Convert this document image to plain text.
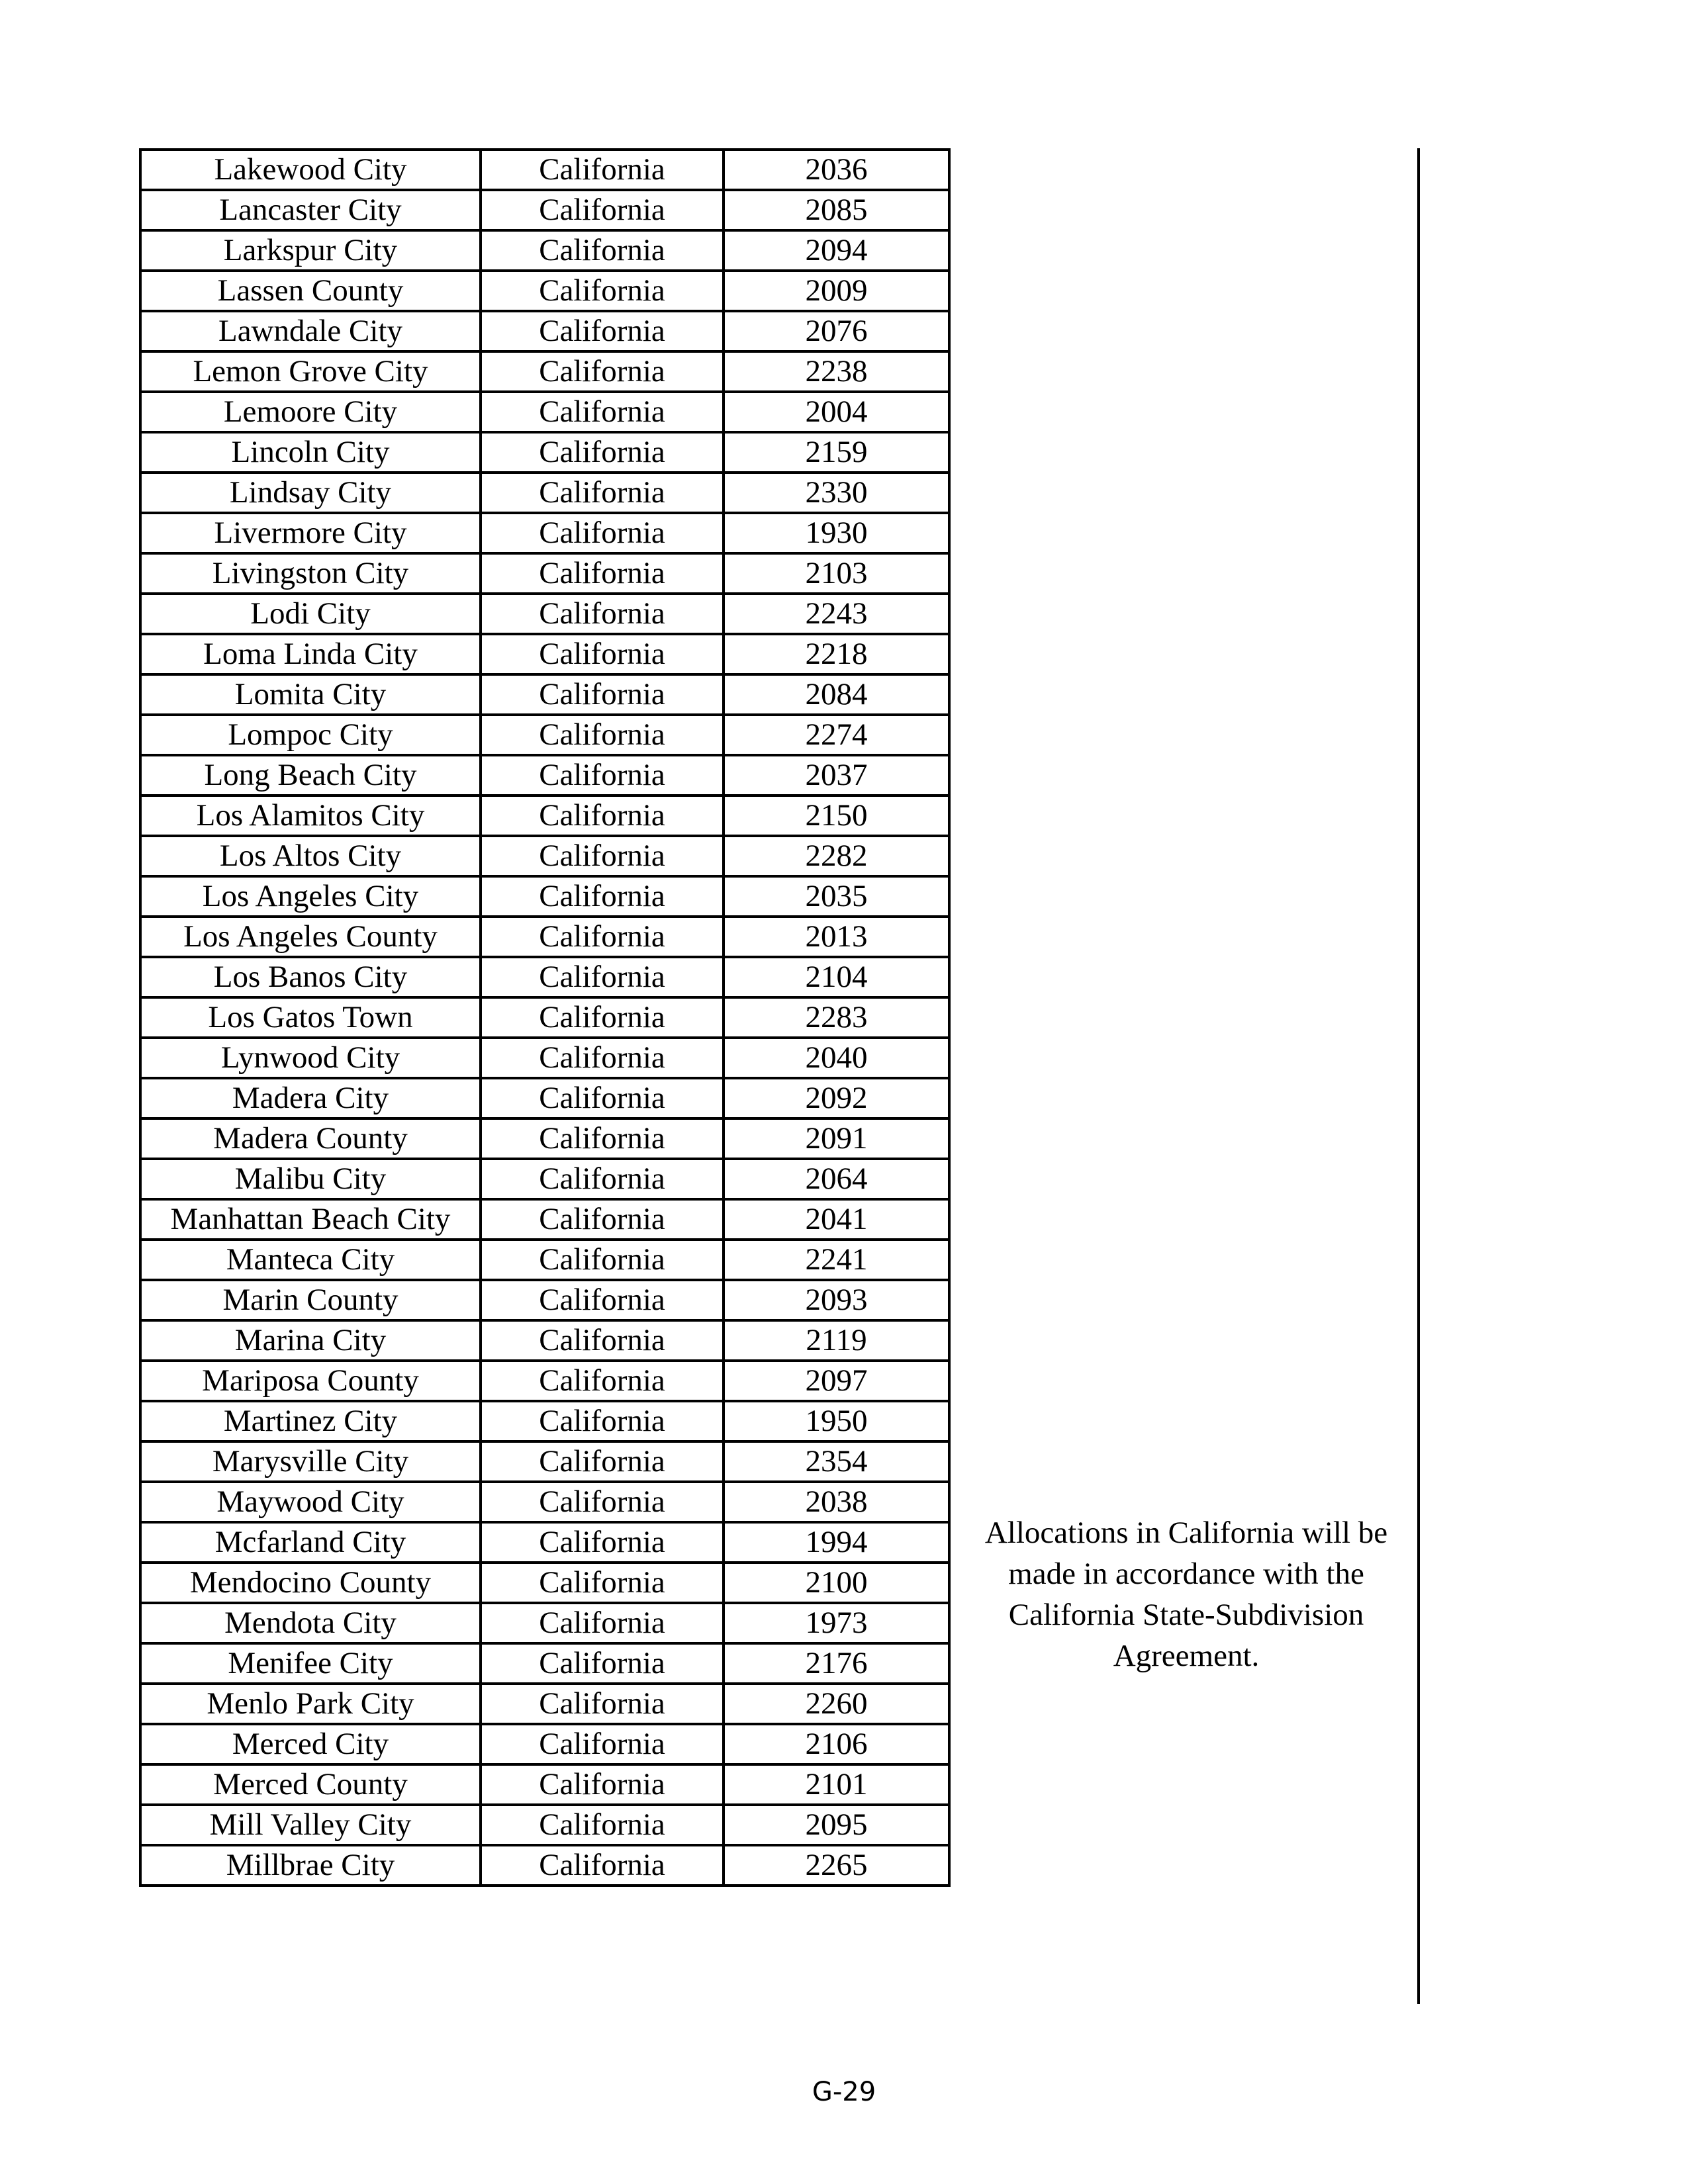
Lakewood City	California	2036
Lancaster City	California	2085
Larkspur City	California	2094
Lassen County	California	2009
Lawndale City	California	2076
Lemon Grove City	California	2238
Lemoore City	California	2004
Lincoln City	California	2159
Lindsay City	California	2330
Livermore City	California	1930
Livingston City	California	2103
Lodi City	California	2243
Loma Linda City	California	2218
Lomita City	California	2084
Lompoc City	California	2274
Long Beach City	California	2037
Los Alamitos City	California	2150
Los Altos City	California	2282
Los Angeles City	California	2035
Los Angeles County	California	2013
Los Banos City	California	2104
Los Gatos Town	California	2283
Lynwood City	California	2040
Madera City	California	2092
Madera County	California	2091
Malibu City	California	2064
Manhattan Beach City	California	2041
Manteca City	California	2241
Marin County	California	2093
Marina City	California	2119
Mariposa County	California	2097
Martinez City	California	1950
Marysville City	California	2354
Maywood City	California	2038
Mcfarland City	California	1994
Mendocino County	California	2100
Mendota City	California	1973
Menifee City	California	2176
Menlo Park City	California	2260
Merced City	California	2106
Merced County	California	2101
Mill Valley City	California	2095
Millbrae City	California	2265
Allocations in California will be
made in accordance with the
California State-Subdivision
Agreement.
G-29
